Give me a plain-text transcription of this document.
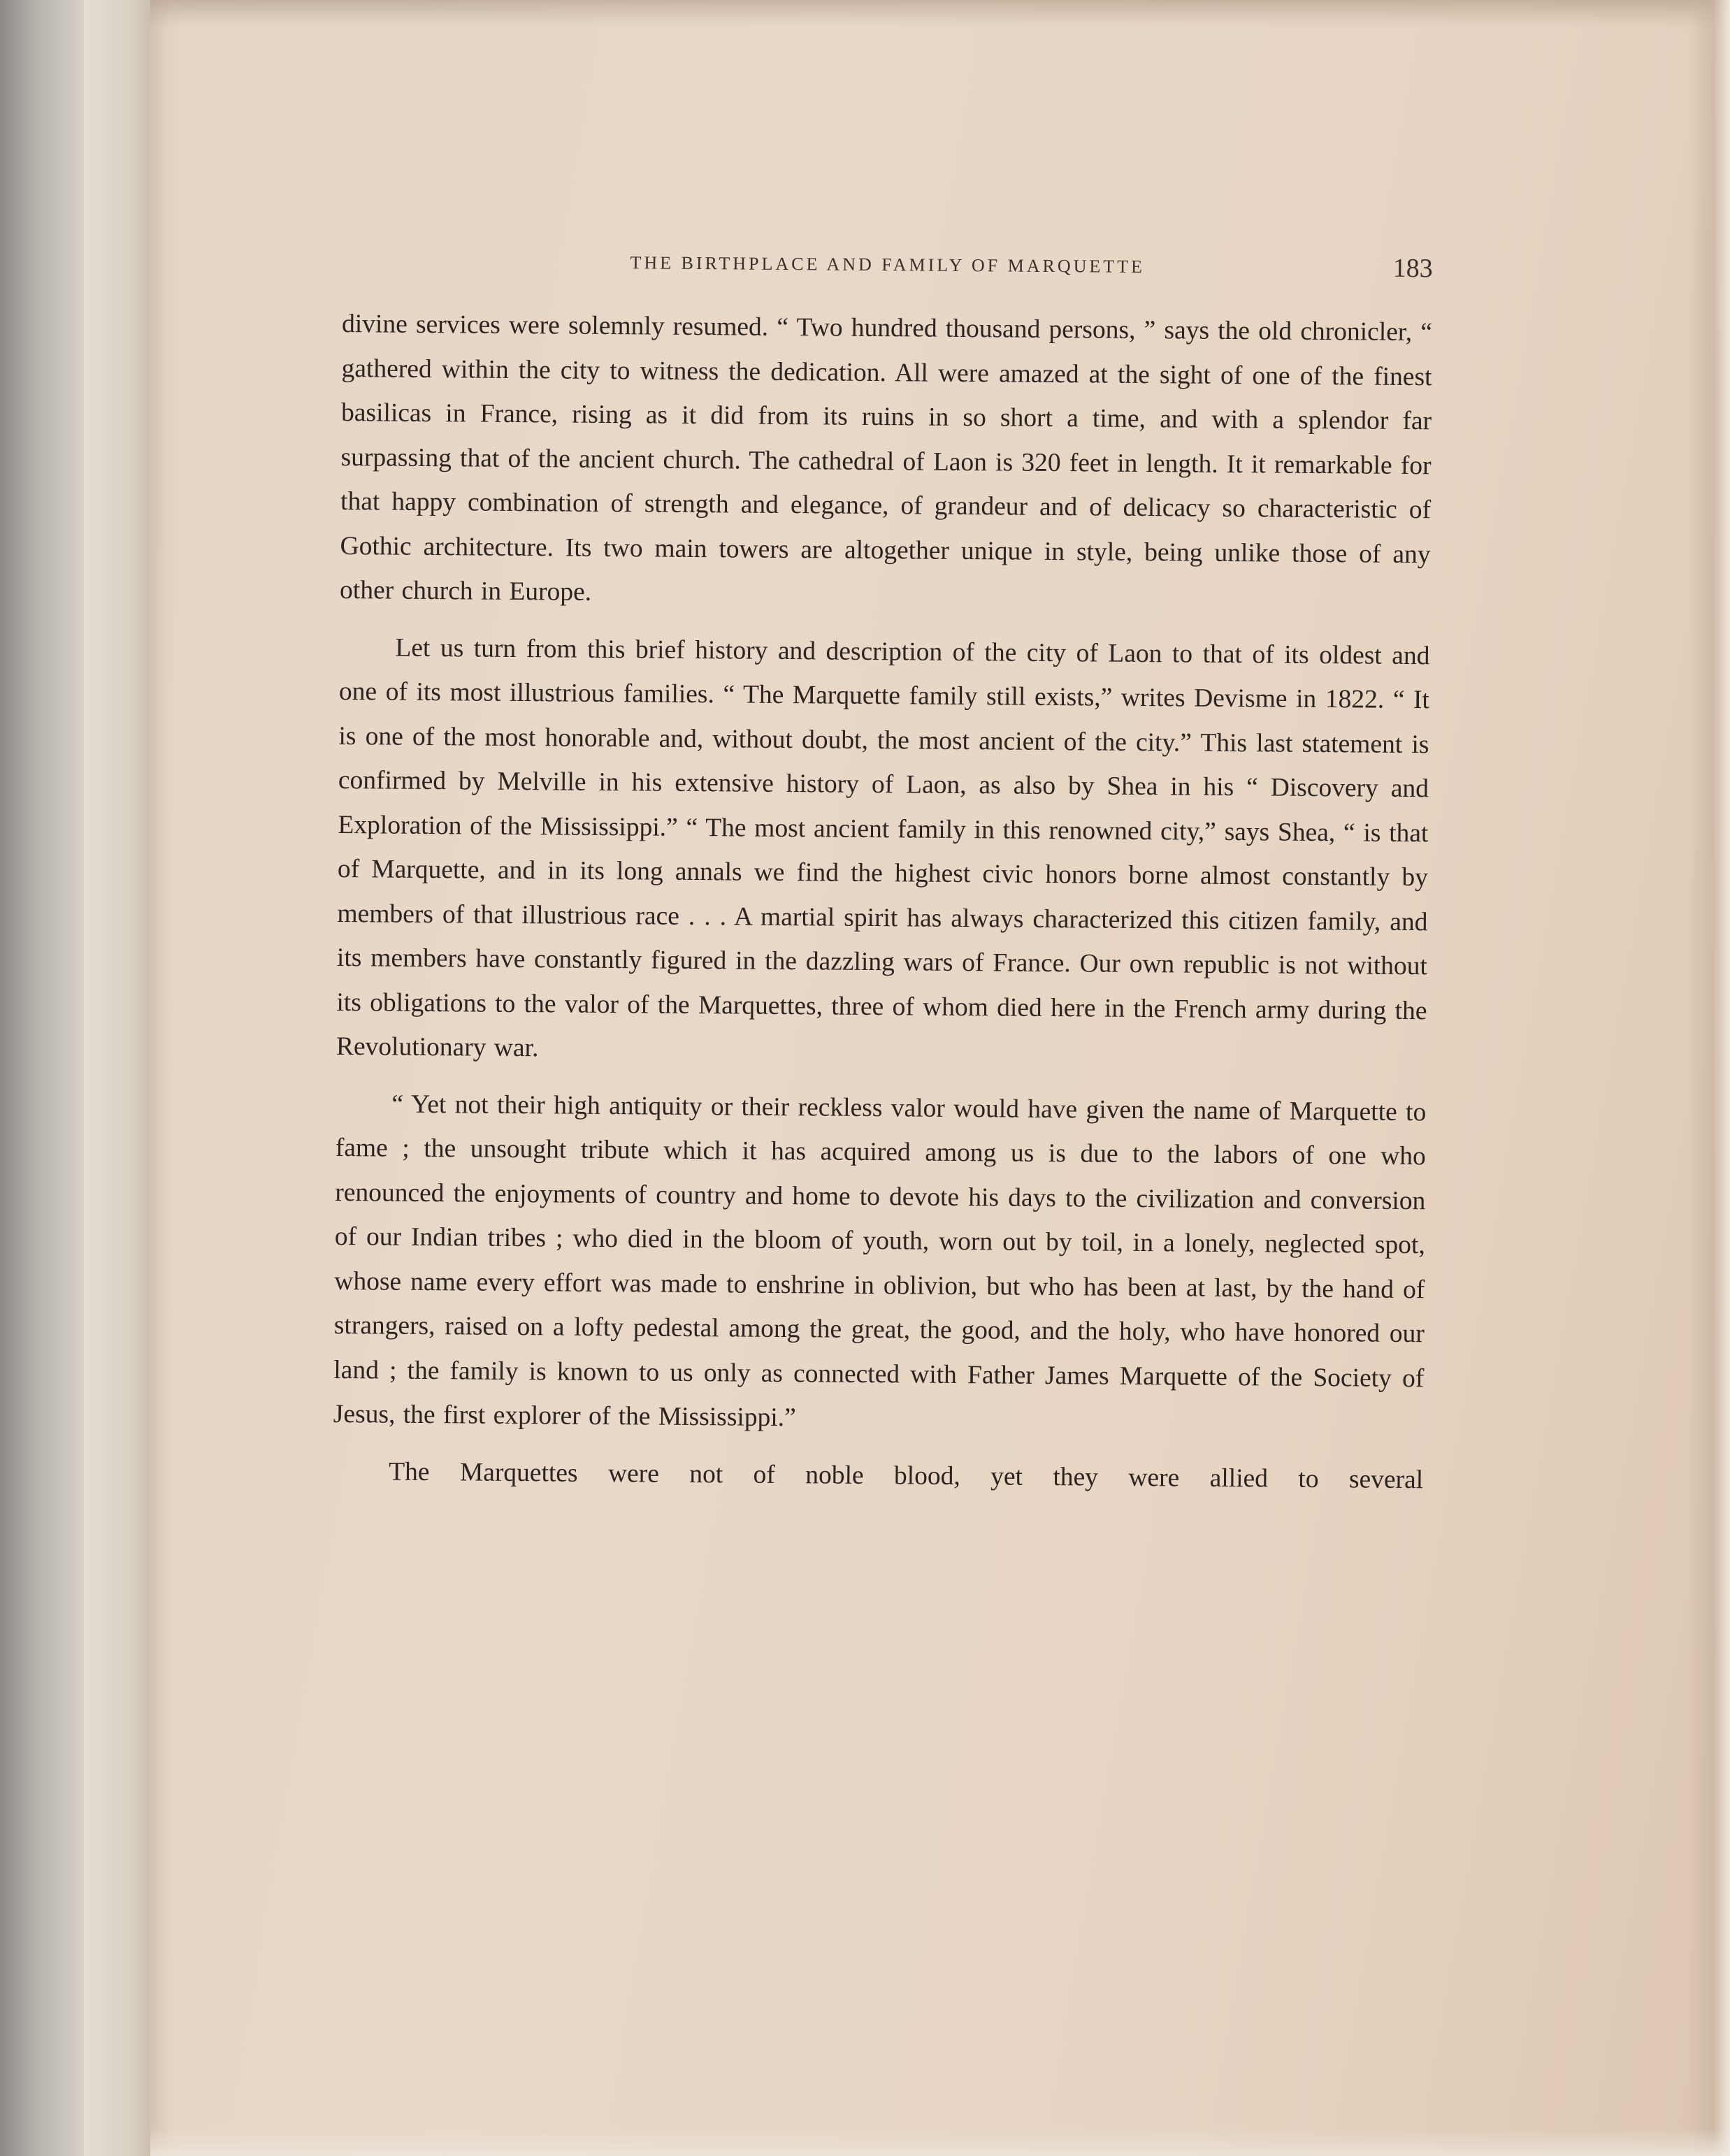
THE BIRTHPLACE AND FAMILY OF MARQUETTE	183

divine services were solemnly resumed. “ Two hundred thousand persons, ” says the old chronicler, “ gathered within the city to witness the dedication. All were amazed at the sight of one of the finest basilicas in France, rising as it did from its ruins in so short a time, and with a splendor far surpassing that of the ancient church. The cathedral of Laon is 320 feet in length. It it remarkable for that happy combination of strength and elegance, of grandeur and of delicacy so characteristic of Gothic architecture. Its two main towers are altogether unique in style, being unlike those of any other church in Europe.

Let us turn from this brief history and description of the city of Laon to that of its oldest and one of its most illustrious families. “ The Marquette family still exists,” writes Devisme in 1822. “ It is one of the most honorable and, without doubt, the most ancient of the city.” This last statement is confirmed by Melville in his extensive history of Laon, as also by Shea in his “ Discovery and Exploration of the Mississippi.” “ The most ancient family in this renowned city,” says Shea, “ is that of Marquette, and in its long annals we find the highest civic honors borne almost constantly by members of that illustrious race . . . A martial spirit has always characterized this citizen family, and its members have constantly figured in the dazzling wars of France. Our own republic is not without its obligations to the valor of the Marquettes, three of whom died here in the French army during the Revolutionary war.

“ Yet not their high antiquity or their reckless valor would have given the name of Marquette to fame ; the unsought tribute which it has acquired among us is due to the labors of one who renounced the enjoyments of country and home to devote his days to the civilization and conversion of our Indian tribes ; who died in the bloom of youth, worn out by toil, in a lonely, neglected spot, whose name every effort was made to enshrine in oblivion, but who has been at last, by the hand of strangers, raised on a lofty pedestal among the great, the good, and the holy, who have honored our land ; the family is known to us only as connected with Father James Marquette of the Society of Jesus, the first explorer of the Mississippi.”

The Marquettes were not of noble blood, yet they were allied to several
